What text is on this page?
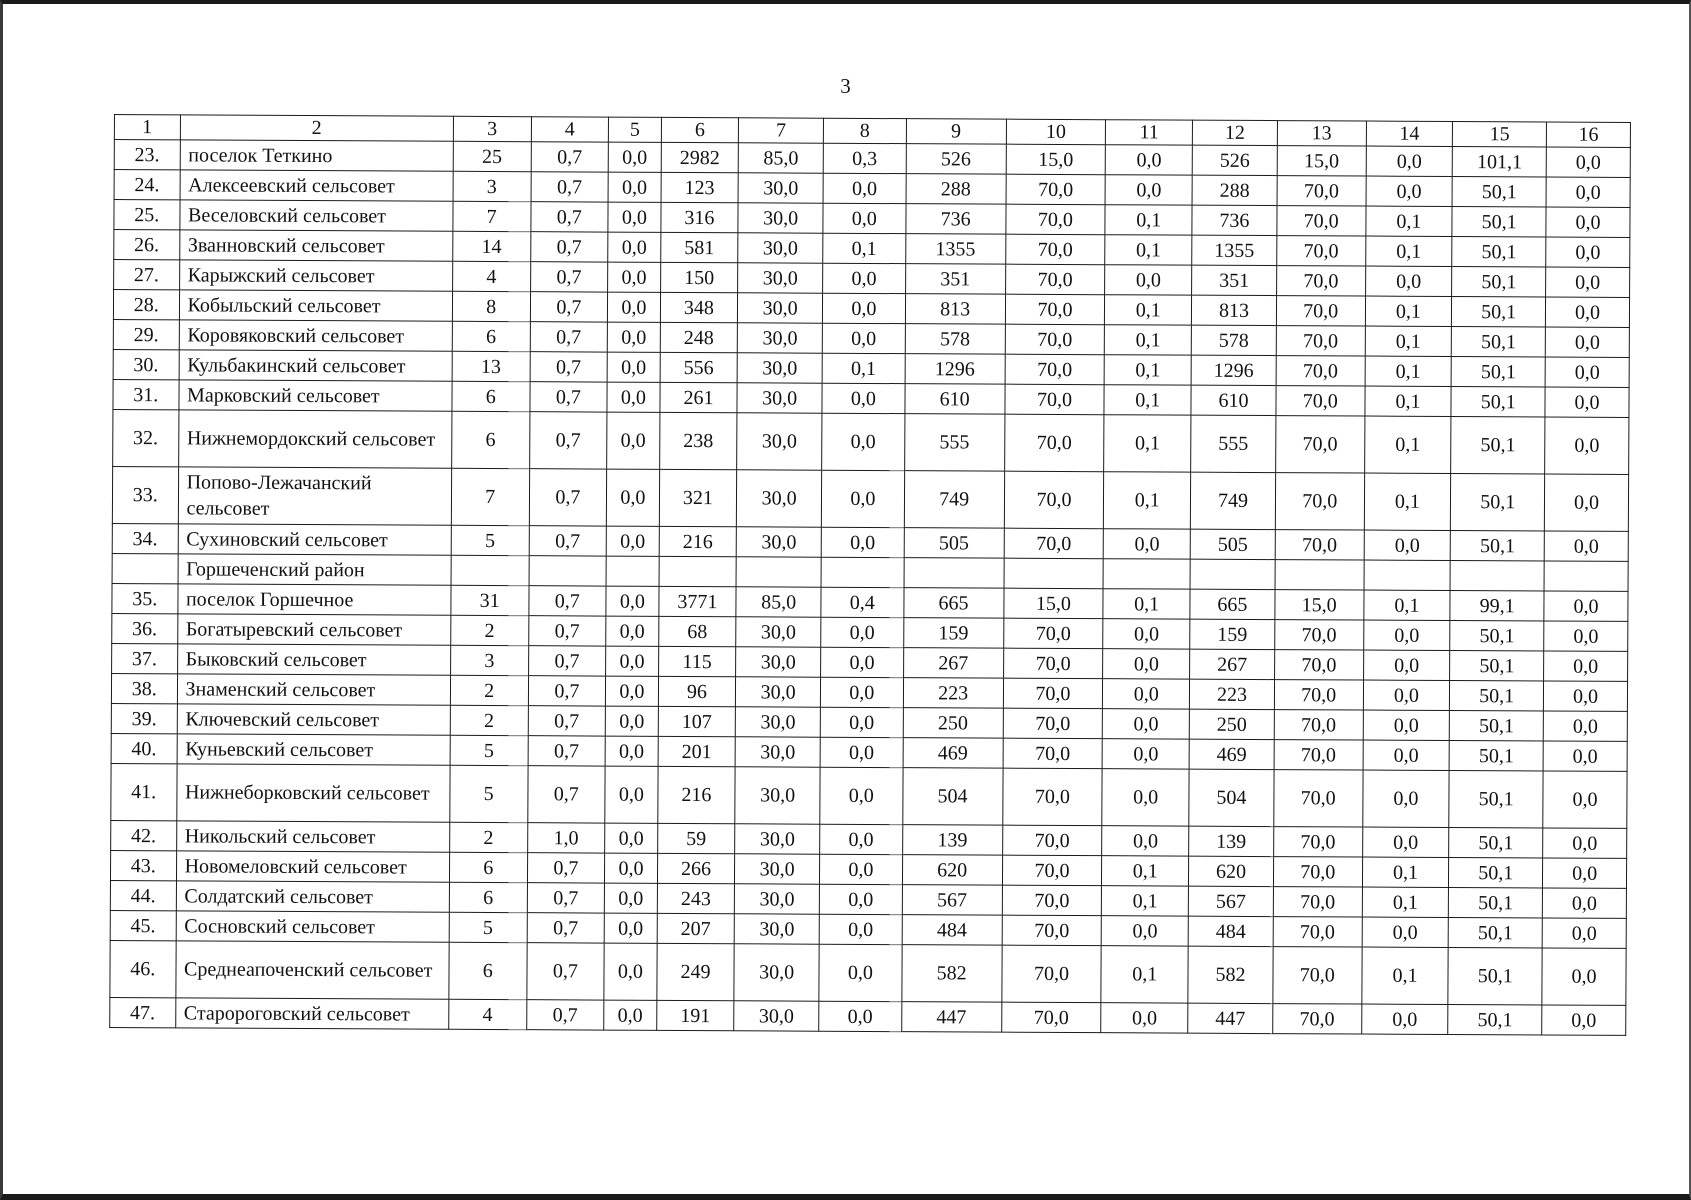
3
1	2	3	4	5	6	7	8	9	10	11	12	13	14	15	16
23.	поселок Теткино	25	0,7	0,0	2982	85,0	0,3	526	15,0	0,0	526	15,0	0,0	101,1	0,0
24.	Алексеевский сельсовет	3	0,7	0,0	123	30,0	0,0	288	70,0	0,0	288	70,0	0,0	50,1	0,0
25.	Веселовский сельсовет	7	0,7	0,0	316	30,0	0,0	736	70,0	0,1	736	70,0	0,1	50,1	0,0
26.	Званновский сельсовет	14	0,7	0,0	581	30,0	0,1	1355	70,0	0,1	1355	70,0	0,1	50,1	0,0
27.	Карыжский сельсовет	4	0,7	0,0	150	30,0	0,0	351	70,0	0,0	351	70,0	0,0	50,1	0,0
28.	Кобыльский сельсовет	8	0,7	0,0	348	30,0	0,0	813	70,0	0,1	813	70,0	0,1	50,1	0,0
29.	Коровяковский сельсовет	6	0,7	0,0	248	30,0	0,0	578	70,0	0,1	578	70,0	0,1	50,1	0,0
30.	Кульбакинский сельсовет	13	0,7	0,0	556	30,0	0,1	1296	70,0	0,1	1296	70,0	0,1	50,1	0,0
31.	Марковский сельсовет	6	0,7	0,0	261	30,0	0,0	610	70,0	0,1	610	70,0	0,1	50,1	0,0
32.	Нижнемордокский сельсовет	6	0,7	0,0	238	30,0	0,0	555	70,0	0,1	555	70,0	0,1	50,1	0,0
33.	Попово-Лежачанский сельсовет	7	0,7	0,0	321	30,0	0,0	749	70,0	0,1	749	70,0	0,1	50,1	0,0
34.	Сухиновский сельсовет	5	0,7	0,0	216	30,0	0,0	505	70,0	0,0	505	70,0	0,0	50,1	0,0
	Горшеченский район														
35.	поселок Горшечное	31	0,7	0,0	3771	85,0	0,4	665	15,0	0,1	665	15,0	0,1	99,1	0,0
36.	Богатыревский сельсовет	2	0,7	0,0	68	30,0	0,0	159	70,0	0,0	159	70,0	0,0	50,1	0,0
37.	Быковский сельсовет	3	0,7	0,0	115	30,0	0,0	267	70,0	0,0	267	70,0	0,0	50,1	0,0
38.	Знаменский сельсовет	2	0,7	0,0	96	30,0	0,0	223	70,0	0,0	223	70,0	0,0	50,1	0,0
39.	Ключевский сельсовет	2	0,7	0,0	107	30,0	0,0	250	70,0	0,0	250	70,0	0,0	50,1	0,0
40.	Куньевский сельсовет	5	0,7	0,0	201	30,0	0,0	469	70,0	0,0	469	70,0	0,0	50,1	0,0
41.	Нижнеборковский сельсовет	5	0,7	0,0	216	30,0	0,0	504	70,0	0,0	504	70,0	0,0	50,1	0,0
42.	Никольский сельсовет	2	1,0	0,0	59	30,0	0,0	139	70,0	0,0	139	70,0	0,0	50,1	0,0
43.	Новомеловский сельсовет	6	0,7	0,0	266	30,0	0,0	620	70,0	0,1	620	70,0	0,1	50,1	0,0
44.	Солдатский сельсовет	6	0,7	0,0	243	30,0	0,0	567	70,0	0,1	567	70,0	0,1	50,1	0,0
45.	Сосновский сельсовет	5	0,7	0,0	207	30,0	0,0	484	70,0	0,0	484	70,0	0,0	50,1	0,0
46.	Среднеапоченский сельсовет	6	0,7	0,0	249	30,0	0,0	582	70,0	0,1	582	70,0	0,1	50,1	0,0
47.	Старороговский сельсовет	4	0,7	0,0	191	30,0	0,0	447	70,0	0,0	447	70,0	0,0	50,1	0,0
